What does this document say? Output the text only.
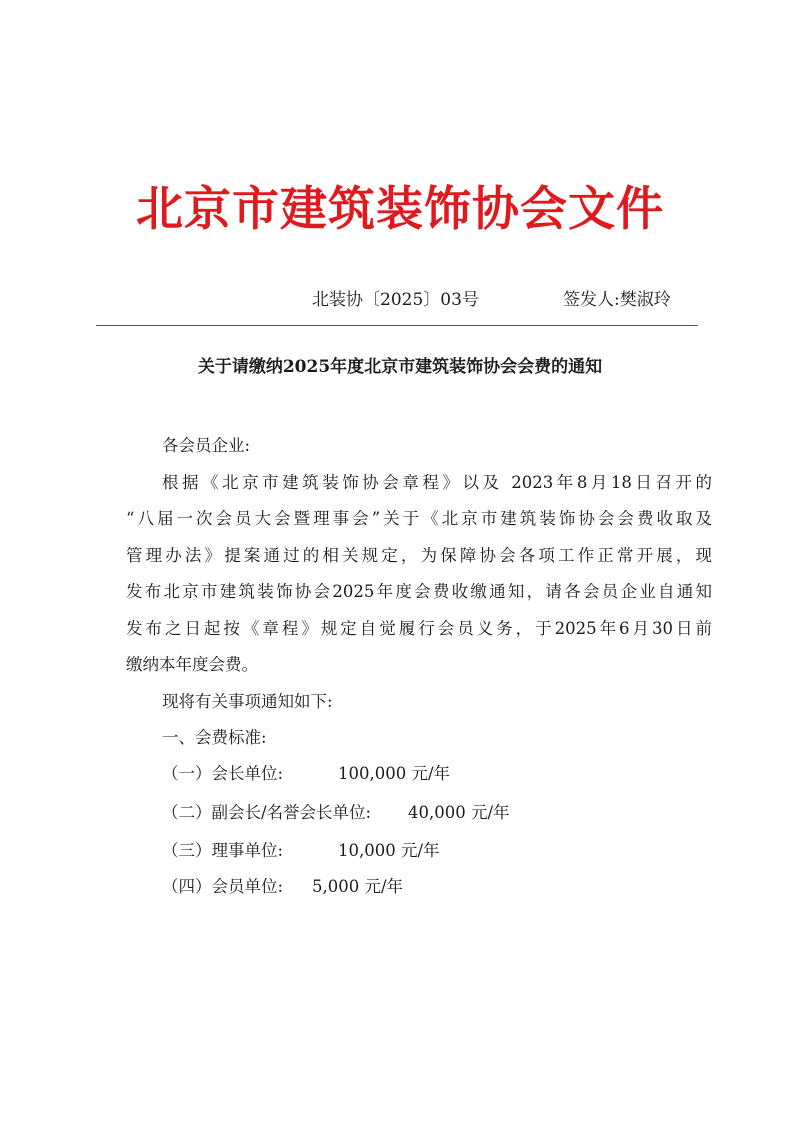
北京市建筑装饰协会文件
北装协〔2025〕03号	签发人:樊淑玲
关于请缴纳2025年度北京市建筑装饰协会会费的通知

各会员企业:

根据《北京市建筑装饰协会章程》以及 2023年8月18日召开的

“八届一次会员大会暨理事会”关于《北京市建筑装饰协会会费收取及

管理办法》提案通过的相关规定，为保障协会各项工作正常开展，现

发布北京市建筑装饰协会2025年度会费收缴通知，请各会员企业自通知

发布之日起按《章程》规定自觉履行会员义务，于2025年6月30日前

缴纳本年度会费。

现将有关事项通知如下:

一、会费标准:

（一）会长单位:	100,000 元/年
（二）副会长/名誉会长单位: 40,000 元/年
（三）理事单位:	10,000 元/年
（四）会员单位: 5,000 元/年
